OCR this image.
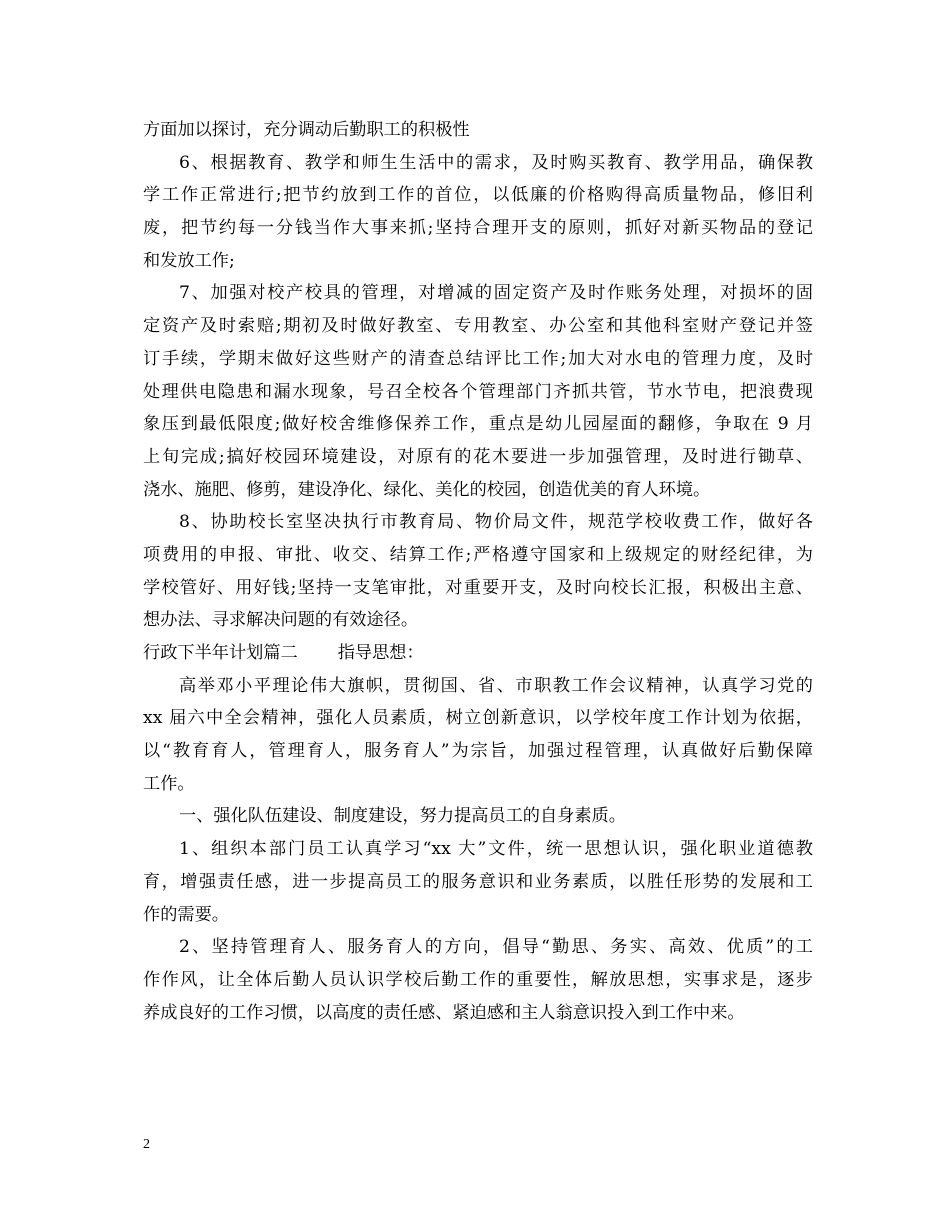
方面加以探讨，充分调动后勤职工的积极性
6、根据教育、教学和师生生活中的需求，及时购买教育、教学用品，确保教
学工作正常进行;把节约放到工作的首位，以低廉的价格购得高质量物品，修旧利
废，把节约每一分钱当作大事来抓;坚持合理开支的原则，抓好对新买物品的登记
和发放工作;
7、加强对校产校具的管理，对增减的固定资产及时作账务处理，对损坏的固
定资产及时索赔;期初及时做好教室、专用教室、办公室和其他科室财产登记并签
订手续，学期末做好这些财产的清查总结评比工作;加大对水电的管理力度，及时
处理供电隐患和漏水现象，号召全校各个管理部门齐抓共管，节水节电，把浪费现
象压到最低限度;做好校舍维修保养工作，重点是幼儿园屋面的翻修，争取在 9 月
上旬完成;搞好校园环境建设，对原有的花木要进一步加强管理，及时进行锄草、
浇水、施肥、修剪，建设净化、绿化、美化的校园，创造优美的育人环境。
8、协助校长室坚决执行市教育局、物价局文件，规范学校收费工作，做好各
项费用的申报、审批、收交、结算工作;严格遵守国家和上级规定的财经纪律，为
学校管好、用好钱;坚持一支笔审批，对重要开支，及时向校长汇报，积极出主意、
想办法、寻求解决问题的有效途径。
行政下半年计划篇二 指导思想：
高举邓小平理论伟大旗帜，贯彻国、省、市职教工作会议精神，认真学习党的
xx 届六中全会精神，强化人员素质，树立创新意识，以学校年度工作计划为依据，
以“教育育人，管理育人，服务育人”为宗旨，加强过程管理，认真做好后勤保障
工作。
一、强化队伍建设、制度建设，努力提高员工的自身素质。
1、组织本部门员工认真学习“xx 大”文件，统一思想认识，强化职业道德教
育，增强责任感，进一步提高员工的服务意识和业务素质，以胜任形势的发展和工
作的需要。
2、坚持管理育人、服务育人的方向，倡导“勤思、务实、高效、优质”的工
作作风，让全体后勤人员认识学校后勤工作的重要性，解放思想，实事求是，逐步
养成良好的工作习惯，以高度的责任感、紧迫感和主人翁意识投入到工作中来。
2
